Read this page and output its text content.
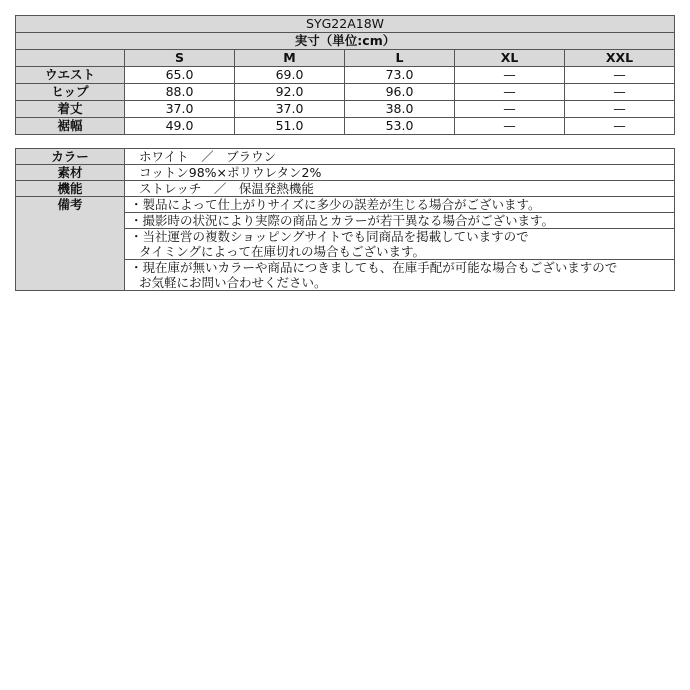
SYG22A18W					
実寸（単位:cm）					
	S	M	L	XL	XXL
ウエスト	65.0	69.0	73.0	—	—
ヒップ	88.0	92.0	96.0	—	—
着丈	37.0	37.0	38.0	—	—
裾幅	49.0	51.0	53.0	—	—
カラー	ホワイト　／　ブラウン
素材	コットン98%×ポリウレタン2%
機能	ストレッチ　／　保温発熱機能
備考	・製品によって仕上がりサイズに多少の誤差が生じる場合がございます。

	・撮影時の状況により実際の商品とカラーが若干異なる場合がございます。

	・当社運営の複数ショッピングサイトでも同商品を掲載していますので
タイミングによって在庫切れの場合もございます。

	・現在庫が無いカラーや商品につきましても、在庫手配が可能な場合もございますので
お気軽にお問い合わせください。
